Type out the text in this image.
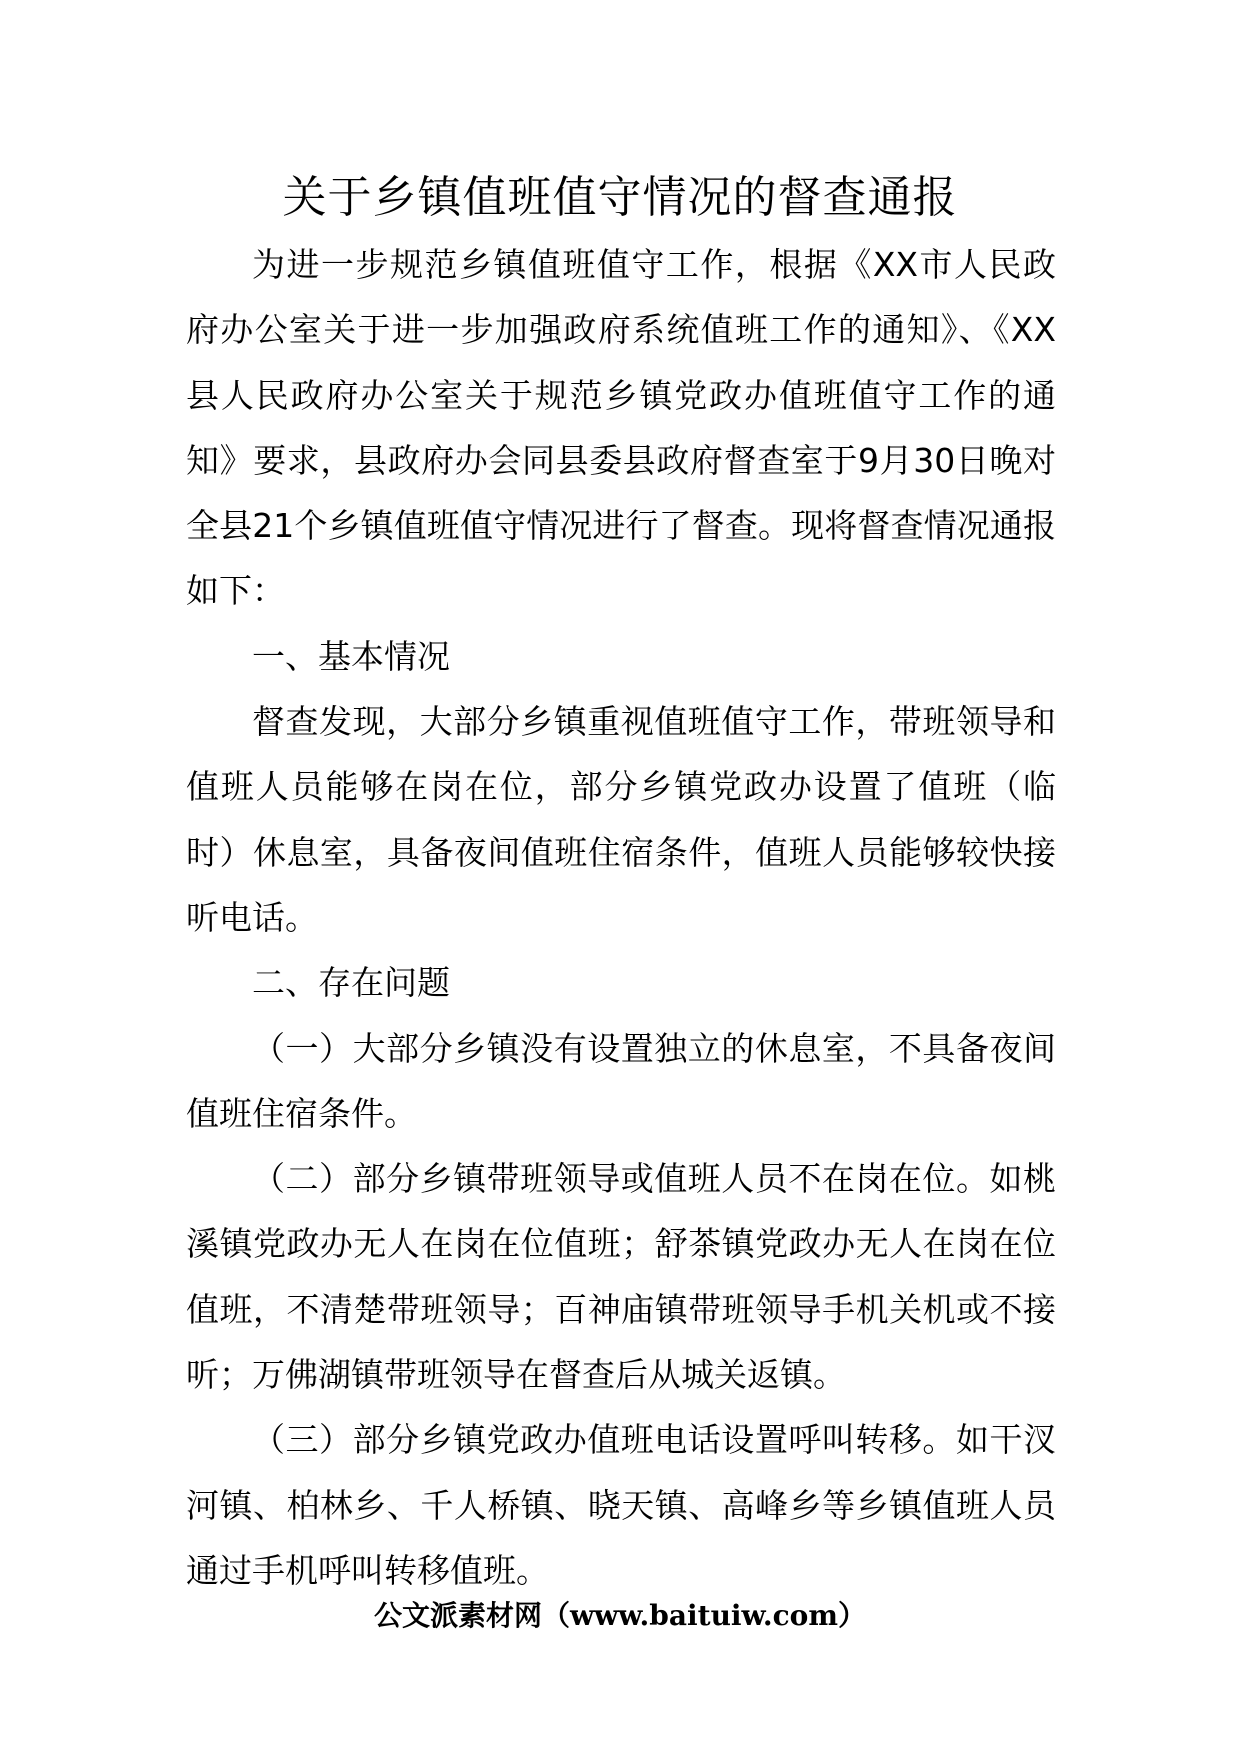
关于乡镇值班值守情况的督查通报

为进一步规范乡镇值班值守工作，根据《XX市人民政府办公室关于进一步加强政府系统值班工作的通知》、《XX县人民政府办公室关于规范乡镇党政办值班值守工作的通知》要求，县政府办会同县委县政府督查室于9月30日晚对全县21个乡镇值班值守情况进行了督查。现将督查情况通报如下：

一、基本情况

督查发现，大部分乡镇重视值班值守工作，带班领导和值班人员能够在岗在位，部分乡镇党政办设置了值班（临时）休息室，具备夜间值班住宿条件，值班人员能够较快接听电话。

二、存在问题

（一）大部分乡镇没有设置独立的休息室，不具备夜间值班住宿条件。

（二）部分乡镇带班领导或值班人员不在岗在位。如桃溪镇党政办无人在岗在位值班；舒茶镇党政办无人在岗在位值班，不清楚带班领导；百神庙镇带班领导手机关机或不接听；万佛湖镇带班领导在督查后从城关返镇。

（三）部分乡镇党政办值班电话设置呼叫转移。如干汊河镇、柏林乡、千人桥镇、晓天镇、高峰乡等乡镇值班人员通过手机呼叫转移值班。

公文派素材网（www.baituiw.com）
